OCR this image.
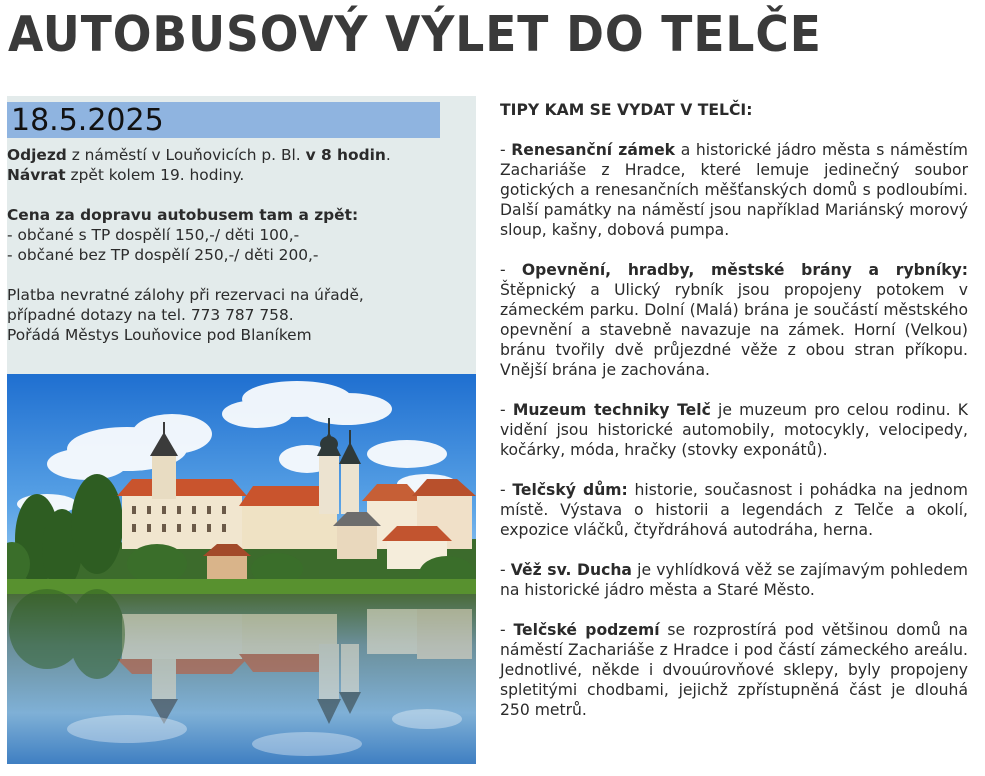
AUTOBUSOVÝ VÝLET DO TELČE
18.5.2025

Odjezd z náměstí v Louňovicích p. Bl. v 8 hodin.

Návrat zpět kolem 19. hodiny.

Cena za dopravu autobusem tam a zpět:

- občané s TP dospělí 150,-/ děti 100,-

- občané bez TP dospělí 250,-/ děti 200,-

Platba nevratné zálohy při rezervaci na úřadě,

případné dotazy na tel. 773 787 758.

Pořádá Městys Louňovice pod Blaníkem

TIPY KAM SE VYDAT V TELČI:

- Renesanční zámek a historické jádro města s náměstím Zachariáše z Hradce, které lemuje jedinečný soubor gotických a renesančních měšťanských domů s podloubími. Další památky na náměstí jsou například Mariánský morový sloup, kašny, dobová pumpa.

- Opevnění, hradby, městské brány a rybníky: Štěpnický a Ulický rybník jsou propojeny potokem v zámeckém parku. Dolní (Malá) brána je součástí městského opevnění a stavebně navazuje na zámek. Horní (Velkou) bránu tvořily dvě průjezdné věže z obou stran příkopu. Vnější brána je zachována.

- Muzeum techniky Telč je muzeum pro celou rodinu. K vidění jsou historické automobily, motocykly, velocipedy, kočárky, móda, hračky (stovky exponátů).

- Telčský dům: historie, současnost i pohádka na jednom místě. Výstava o historii a legendách z Telče a okolí, expozice vláčků, čtyřdráhová autodráha, herna.

- Věž sv. Ducha je vyhlídková věž se zajímavým pohledem na historické jádro města a Staré Město.

- Telčské podzemí se rozprostírá pod většinou domů na náměstí Zachariáše z Hradce i pod částí zámeckého areálu. Jednotlivé, někde i dvouúrovňové sklepy, byly propojeny spletitými chodbami, jejichž zpřístupněná část je dlouhá 250 metrů.
